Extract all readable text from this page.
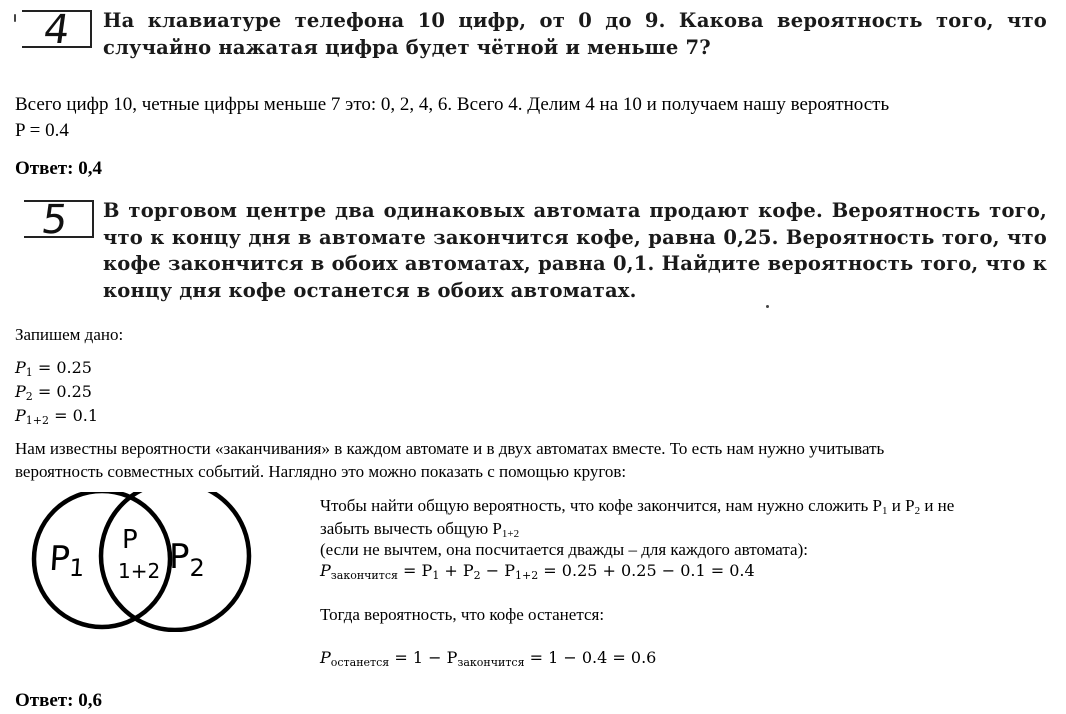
4 На клавиатуре телефона 10 цифр, от 0 до 9. Какова вероятность того, что случайно нажатая цифра будет чётной и меньше 7?
Всего цифр 10, четные цифры меньше 7 это: 0, 2, 4, 6. Всего 4. Делим 4 на 10 и получаем нашу вероятность
P = 0.4
Ответ: 0,4
5 В торговом центре два одинаковых автомата продают кофе. Вероятность того, что к концу дня в автомате закончится кофе, равна 0,25. Вероятность того, что кофе закончится в обоих автоматах, равна 0,1. Найдите вероятность того, что к концу дня кофе останется в обоих автоматах.
Запишем дано:
$P_1 = 0.25$
$P_2 = 0.25$
$P_{1+2} = 0.1$
Нам известны вероятности «заканчивания» в каждом автомате и в двух автоматах вместе. То есть нам нужно учитывать
вероятность совместных событий. Наглядно это можно показать с помощью кругов:
P1
P
1+2 $P_2$
Чтобы найти общую вероятность, что кофе закончится, нам нужно сложить $P_1$ и $P_2$ и не
забыть вычесть общую $P_{1+2}$
(если не вычтем, она посчитается дважды – для каждого автомата):
$P_{закончится} = P_1 + P_2 - P_{1+2} = 0.25 + 0.25 - 0.1 = 0.4$
Тогда вероятность, что кофе останется:
$P_{останется} = 1 - P_{закончится} = 1 - 0.4 = 0.6$
Ответ: 0,6
